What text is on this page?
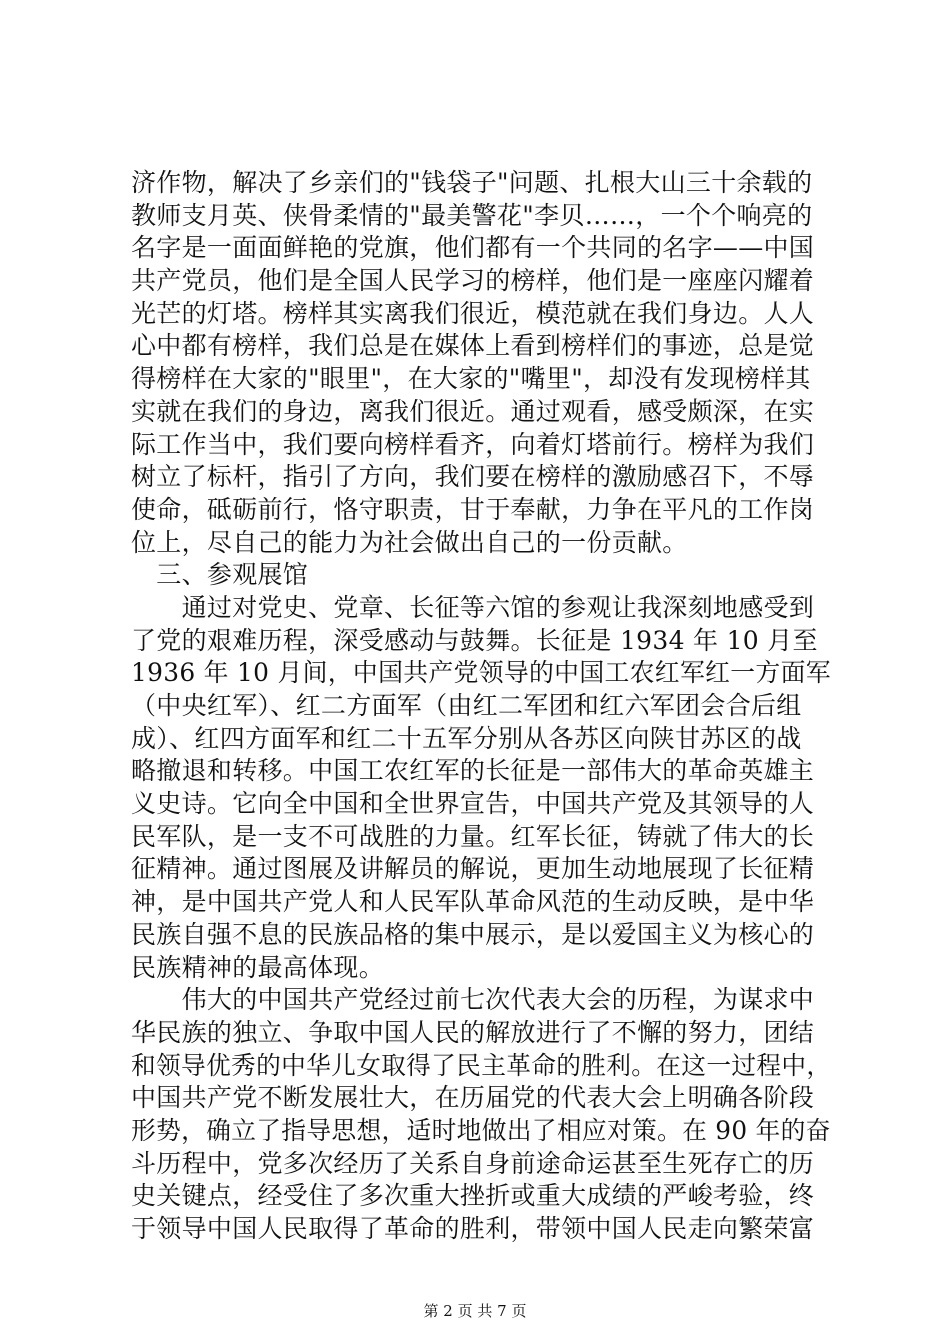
济作物，解决了乡亲们的"钱袋子"问题、扎根大山三十余载的
教师支月英、侠骨柔情的"最美警花"李贝……，一个个响亮的
名字是一面面鲜艳的党旗，他们都有一个共同的名字——中国
共产党员，他们是全国人民学习的榜样，他们是一座座闪耀着
光芒的灯塔。榜样其实离我们很近，模范就在我们身边。人人
心中都有榜样，我们总是在媒体上看到榜样们的事迹，总是觉
得榜样在大家的"眼里"，在大家的"嘴里"，却没有发现榜样其
实就在我们的身边，离我们很近。通过观看，感受颇深，在实
际工作当中，我们要向榜样看齐，向着灯塔前行。榜样为我们
树立了标杆，指引了方向，我们要在榜样的激励感召下，不辱
使命，砥砺前行，恪守职责，甘于奉献，力争在平凡的工作岗
位上，尽自己的能力为社会做出自己的一份贡献。
　三、参观展馆
　　通过对党史、党章、长征等六馆的参观让我深刻地感受到
了党的艰难历程，深受感动与鼓舞。长征是 1934 年 10 月至
1936 年 10 月间，中国共产党领导的中国工农红军红一方面军
（中央红军）、红二方面军（由红二军团和红六军团会合后组
成）、红四方面军和红二十五军分别从各苏区向陕甘苏区的战
略撤退和转移。中国工农红军的长征是一部伟大的革命英雄主
义史诗。它向全中国和全世界宣告，中国共产党及其领导的人
民军队，是一支不可战胜的力量。红军长征，铸就了伟大的长
征精神。通过图展及讲解员的解说，更加生动地展现了长征精
神，是中国共产党人和人民军队革命风范的生动反映，是中华
民族自强不息的民族品格的集中展示，是以爱国主义为核心的
民族精神的最高体现。
　　伟大的中国共产党经过前七次代表大会的历程，为谋求中
华民族的独立、争取中国人民的解放进行了不懈的努力，团结
和领导优秀的中华儿女取得了民主革命的胜利。在这一过程中，
中国共产党不断发展壮大，在历届党的代表大会上明确各阶段
形势，确立了指导思想，适时地做出了相应对策。在 90 年的奋
斗历程中，党多次经历了关系自身前途命运甚至生死存亡的历
史关键点，经受住了多次重大挫折或重大成绩的严峻考验，终
于领导中国人民取得了革命的胜利，带领中国人民走向繁荣富
第 2 页 共 7 页
